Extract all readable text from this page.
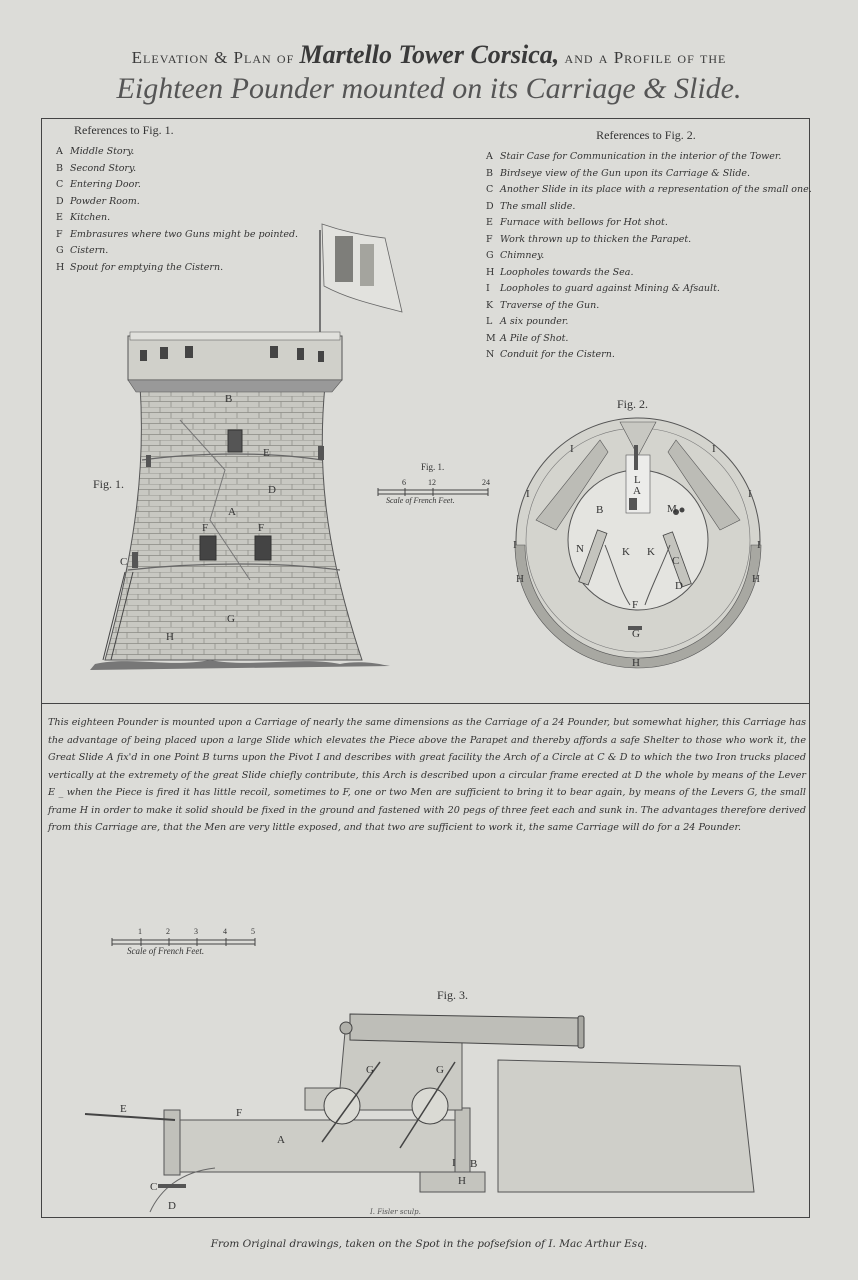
Elevation & Plan of Martello Tower Corsica, and a Profile of the
Eighteen Pounder mounted on its Carriage & Slide.
References to Fig. 1.
A Middle Story.
B Second Story.
C Entering Door.
D Powder Room.
E Kitchen.
F Embrasures where two Guns might be pointed.
G Cistern.
H Spout for emptying the Cistern.
References to Fig. 2.
A Stair Case for Communication in the interior of the Tower.
B Birdseye view of the Gun upon its Carriage & Slide.
C Another Slide in its place with a representation of the small one.
D The small slide.
E Furnace with bellows for Hot shot.
F Work thrown up to thicken the Parapet.
G Chimney.
H Loopholes towards the Sea.
I Loopholes to guard against Mining & Afsault.
K Traverse of the Gun.
L A six pounder.
M A Pile of Shot.
N Conduit for the Cistern.
Fig. 1.
B
E
D
A
F	F
C
G
H
Fig. 1.
6	12	24
Scale of French Feet.
Fig. 2.
I	I
I	I
I	I
L
A
B	M
N	K K
C
D
H	H
F
G
H
This eighteen Pounder is mounted upon a Carriage of nearly the same dimensions as the Carriage of a 24 Pounder, but somewhat higher, this Carriage has the advantage of being placed upon a large Slide which elevates the Piece above the Parapet and thereby affords a safe Shelter to those who work it, the Great Slide A fix'd in one Point B turns upon the Pivot I and describes with great facility the Arch of a Circle at C & D to which the two Iron trucks placed vertically at the extremety of the great Slide chiefly contribute, this Arch is described upon a circular frame erected at D the whole by means of the Lever E _ when the Piece is fired it has little recoil, sometimes to F, one or two Men are sufficient to bring it to bear again, by means of the Levers G, the small frame H in order to make it solid should be fixed in the ground and fastened with 20 pegs of three feet each and sunk in. The advantages therefore derived from this Carriage are, that the Men are very little exposed, and that two are sufficient to work it, the same Carriage will do for a 24 Pounder.
1	2	3	4	5
Scale of French Feet.
Fig. 3.
G	G
E	F
A
C
D
I B
H
I. Fisler sculp.
From Original drawings, taken on the Spot in the pofsefsion of I. Mac Arthur Esq.
